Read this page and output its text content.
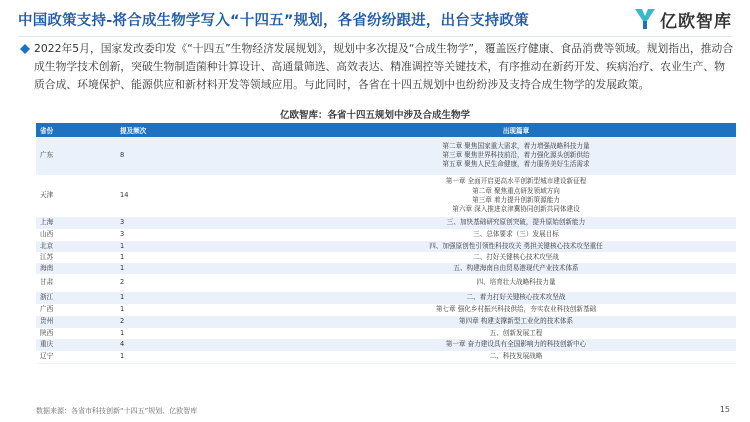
中国政策支持-将合成生物学写入“十四五”规划，各省纷纷跟进，出台支持政策	亿欧智库
2022年5月，国家发改委印发《“十四五”生物经济发展规划》，规划中多次提及“合成生物学”，覆盖医疗健康、食品消费等领域。规划指出，推动合成生物学技术创新，突破生物制造菌种计算设计、高通量筛选、高效表达、精准调控等关键技术，有序推动在新药开发、疾病治疗、农业生产、物质合成、环境保护、能源供应和新材料开发等领域应用。与此同时，各省在十四五规划中也纷纷涉及支持合成生物学的发展政策。
亿欧智库：各省十四五规划中涉及合成生物学
省份	提及频次	出现篇章
广东	8	第二章 聚焦国家重大需求，着力增强战略科技力量
第三章 聚焦世界科技前沿，着力强化源头创新供给
第五章 聚焦人民生命健康，着力服务美好生活需求

天津	14	第一章 全面开启更高水平创新型城市建设新征程
第二章 聚焦重点研发领域方向
第三章 着力提升创新策源能力
第六章 深入推进京津冀协同创新共同体建设

上海	3	三、加快基础研究原创突破，提升原始创新能力

山西	3	三、总体要求（三）发展目标

北京	1	四、加强原创性引领性科技攻关 勇担关键核心技术攻坚重任

江苏	1	二、打好关键核心技术攻坚战

海南	1	五、构建海南自由贸易港现代产业技术体系

甘肃	2	四、培育壮大战略科技力量

浙江	1	二、着力打好关键核心技术攻坚战

广西	1	第七章 强化乡村振兴科技供给，夯实农业科技创新基础

贵州	2	第四章 构建支撑新型工业化的技术体系

陕西	1	五、创新发展工程

重庆	4	第一章 奋力建设具有全国影响力的科技创新中心

辽宁	1	二、科技发展战略
数据来源：各省市科技创新“十四五”规划、亿欧智库	15
